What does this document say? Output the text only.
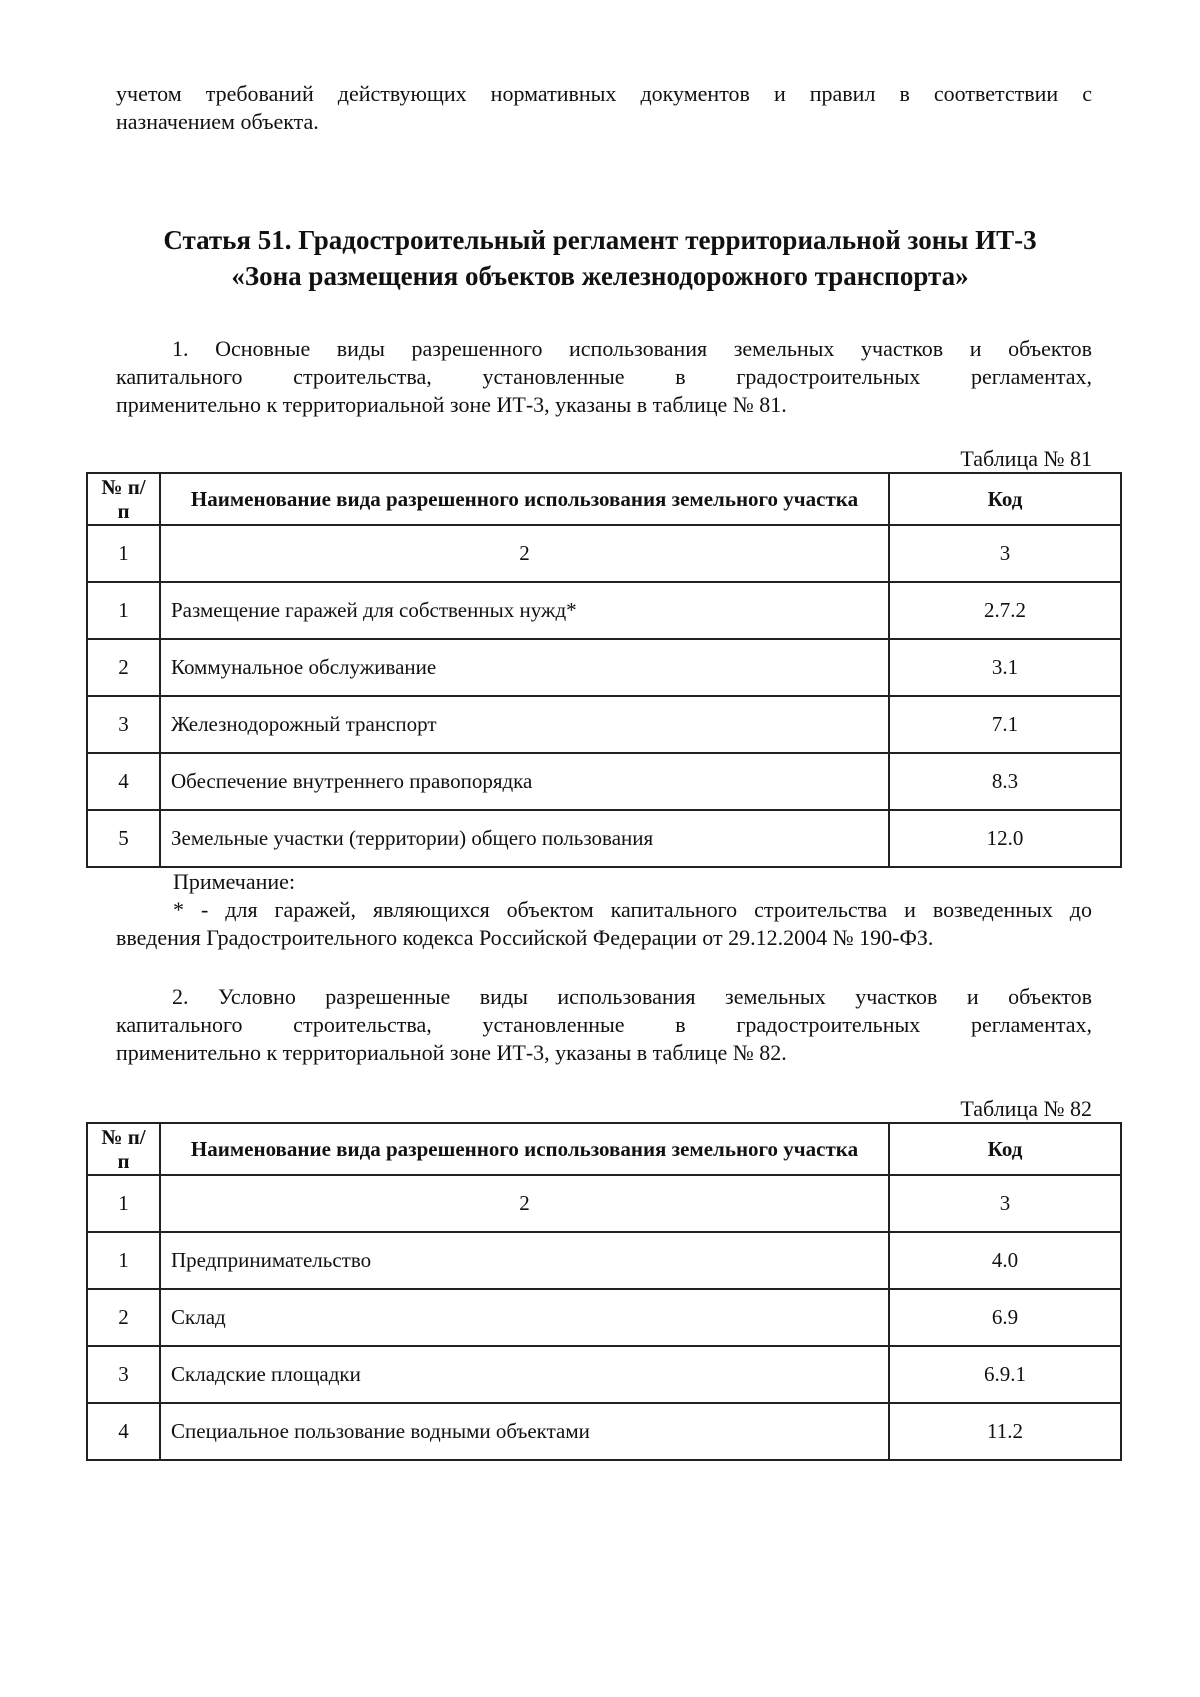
учетом требований действующих нормативных документов и правил в соответствии с
назначением объекта.
Статья 51. Градостроительный регламент территориальной зоны ИТ-3
«Зона размещения объектов железнодорожного транспорта»
1. Основные виды разрешенного использования земельных участков и объектов
капитального строительства, установленные в градостроительных регламентах,
применительно к территориальной зоне ИТ-3, указаны в таблице № 81.
Таблица № 81
№ п/п	Наименование вида разрешенного использования земельного участка	Код
1	2	3
1	Размещение гаражей для собственных нужд*	2.7.2
2	Коммунальное обслуживание	3.1
3	Железнодорожный транспорт	7.1
4	Обеспечение внутреннего правопорядка	8.3
5	Земельные участки (территории) общего пользования	12.0
Примечание:
* - для гаражей, являющихся объектом капитального строительства и возведенных до
введения Градостроительного кодекса Российской Федерации от 29.12.2004 № 190-ФЗ.
2. Условно разрешенные виды использования земельных участков и объектов
капитального строительства, установленные в градостроительных регламентах,
применительно к территориальной зоне ИТ-3, указаны в таблице № 82.
Таблица № 82
№ п/п	Наименование вида разрешенного использования земельного участка	Код
1	2	3
1	Предпринимательство	4.0
2	Склад	6.9
3	Складские площадки	6.9.1
4	Специальное пользование водными объектами	11.2
